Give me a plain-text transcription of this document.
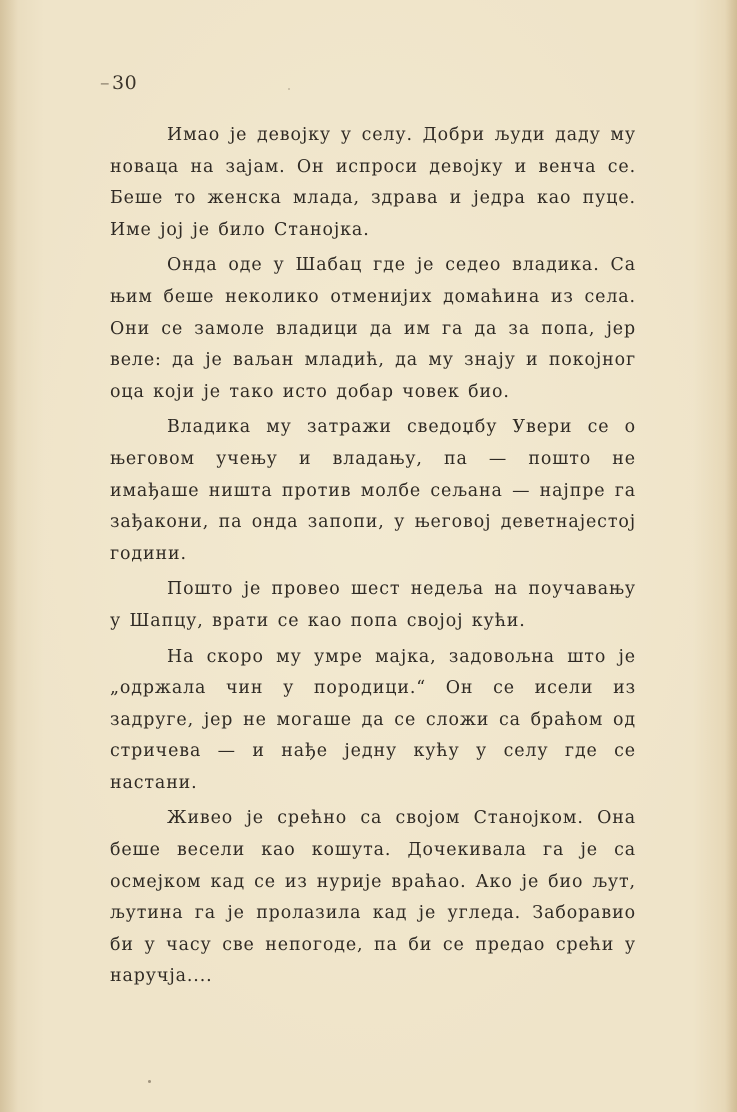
– 30

Имао је девојку у селу. Добри људи даду му новаца на зајам. Он испроси девојку и венча се. Беше то женска млада, здрава и једра као пуце. Име јој је било Станојка.

Онда оде у Шабац где је седео владика. Са њим беше неколико отменијих домаћина из села. Они се замоле владици да им га да за попа, јер веле: да је ваљан младић, да му знају и покојног оца који је тако исто добар човек био.

Владика му затражи сведоџбу Увери се о његовом учењу и владању, па — пошто не имађаше ништа против молбе сељана — најпре га зађакони, па онда запопи, у његовој деветнајестој години.

Пошто је провео шест недеља на поучавању у Шапцу, врати се као попа својој кући.

На скоро му умре мајка, задовољна што је „одржала чин у породици.“ Он се исели из задруге, јер не могаше да се сложи са браћом од стричева — и нађе једну кућу у селу где се настани.

Живео је срећно са својом Станојком. Она беше весели као кошута. Дочекивала га је са осмејком кад се из нурије враћао. Ако је био љут, љутина га је пролазила кад је угледа. Заборавио би у часу све непогоде, па би се предао срећи у наручја....
